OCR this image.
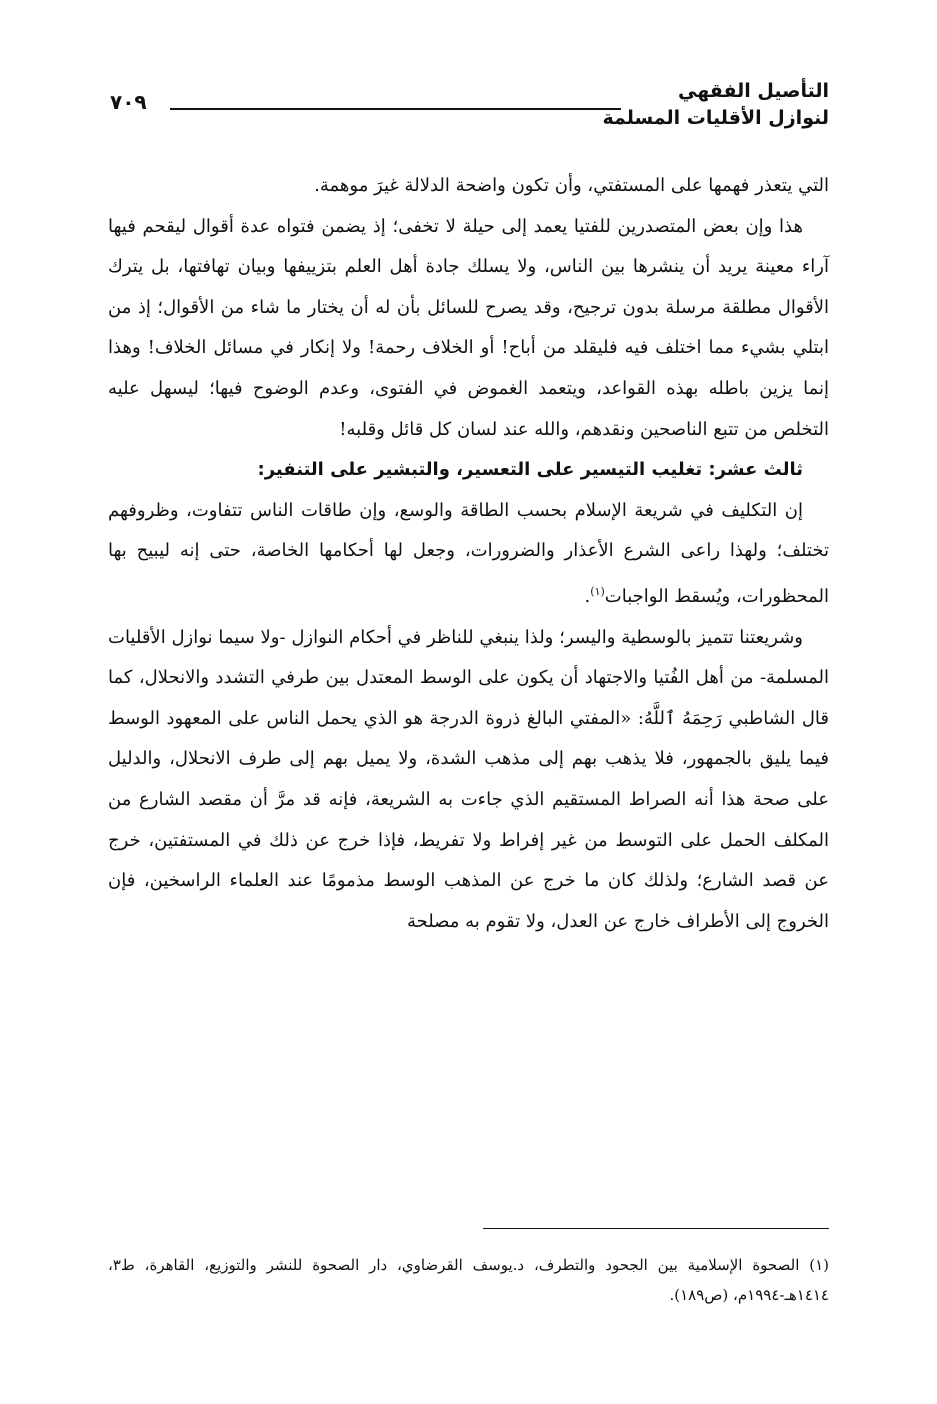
التأصيل الفقهي
لنوازل الأقليات المسلمة
٧٠٩

التي يتعذر فهمها على المستفتي، وأن تكون واضحة الدلالة غيرَ موهمة.

هذا وإن بعض المتصدرين للفتيا يعمد إلى حيلة لا تخفى؛ إذ يضمن فتواه عدة أقوال ليقحم فيها آراء معينة يريد أن ينشرها بين الناس، ولا يسلك جادة أهل العلم بتزييفها وبيان تهافتها، بل يترك الأقوال مطلقة مرسلة بدون ترجيح، وقد يصرح للسائل بأن له أن يختار ما شاء من الأقوال؛ إذ من ابتلي بشيء مما اختلف فيه فليقلد من أباح! أو الخلاف رحمة! ولا إنكار في مسائل الخلاف! وهذا إنما يزين باطله بهذه القواعد، ويتعمد الغموض في الفتوى، وعدم الوضوح فيها؛ ليسهل عليه التخلص من تتبع الناصحين ونقدهم، والله عند لسان كل قائل وقلبه!

ثالث عشر: تغليب التيسير على التعسير، والتبشير على التنفير:

إن التكليف في شريعة الإسلام بحسب الطاقة والوسع، وإن طاقات الناس تتفاوت، وظروفهم تختلف؛ ولهذا راعى الشرع الأعذار والضرورات، وجعل لها أحكامها الخاصة، حتى إنه ليبيح بها المحظورات، ويُسقط الواجبات$^{(١)}$.

وشريعتنا تتميز بالوسطية واليسر؛ ولذا ينبغي للناظر في أحكام النوازل -ولا سيما نوازل الأقليات المسلمة- من أهل الفُتيا والاجتهاد أن يكون على الوسط المعتدل بين طرفي التشدد والانحلال، كما قال الشاطبي رَحِمَهُ ٱللَّهُ: «المفتي البالغ ذروة الدرجة هو الذي يحمل الناس على المعهود الوسط فيما يليق بالجمهور، فلا يذهب بهم إلى مذهب الشدة، ولا يميل بهم إلى طرف الانحلال، والدليل على صحة هذا أنه الصراط المستقيم الذي جاءت به الشريعة، فإنه قد مرَّ أن مقصد الشارع من المكلف الحمل على التوسط من غير إفراط ولا تفريط، فإذا خرج عن ذلك في المستفتين، خرج عن قصد الشارع؛ ولذلك كان ما خرج عن المذهب الوسط مذمومًا عند العلماء الراسخين، فإن الخروج إلى الأطراف خارج عن العدل، ولا تقوم به مصلحة

(١) الصحوة الإسلامية بين الجحود والتطرف، د.يوسف القرضاوي، دار الصحوة للنشر والتوزيع، القاهرة، ط٣، ١٤١٤هـ-١٩٩٤م، (ص١٨٩).
